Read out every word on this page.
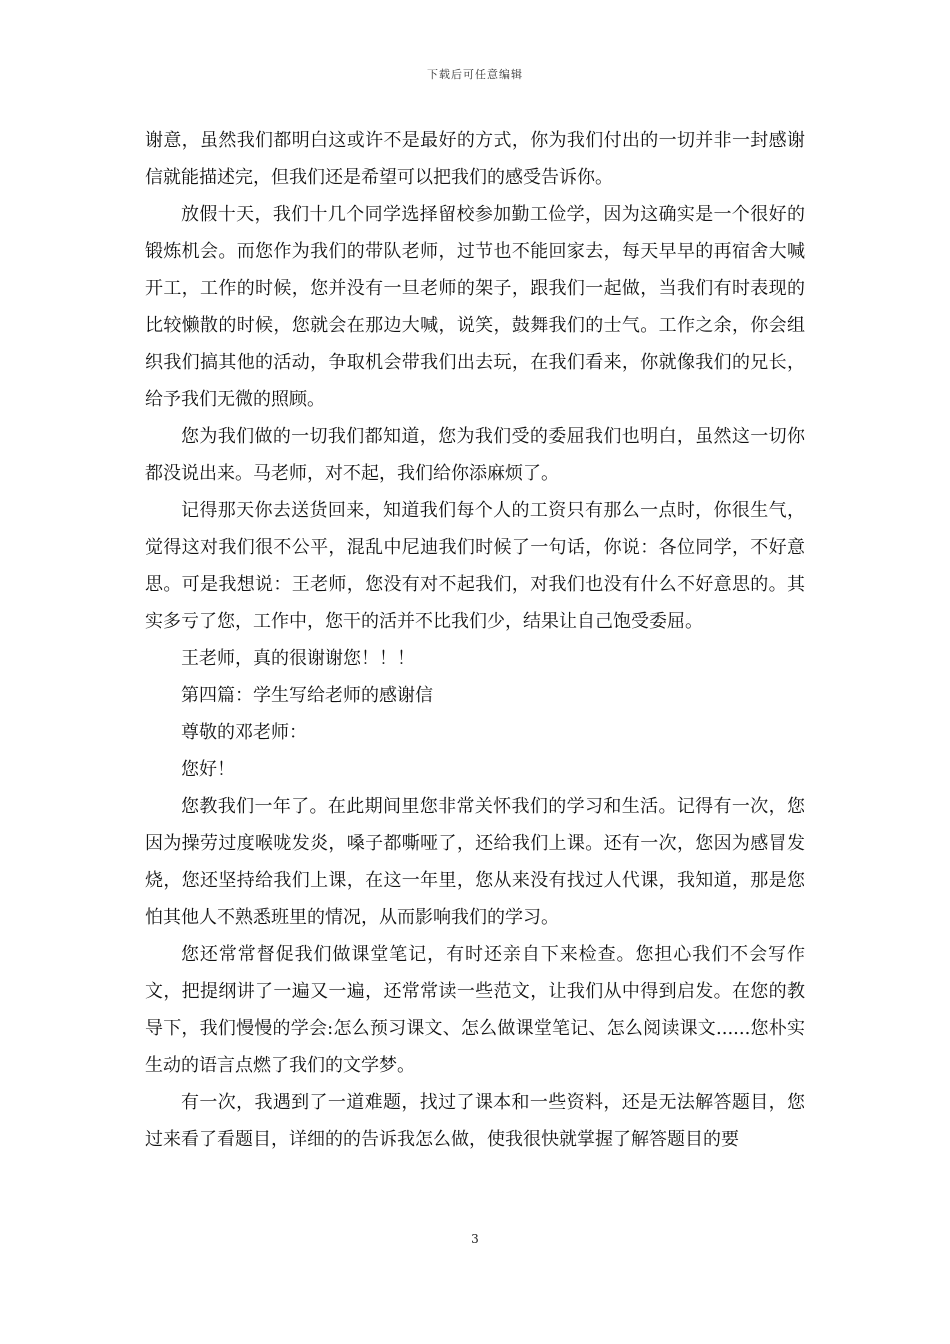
下载后可任意编辑

谢意，虽然我们都明白这或许不是最好的方式，你为我们付出的一切并非一封感谢信就能描述完，但我们还是希望可以把我们的感受告诉你。

放假十天，我们十几个同学选择留校参加勤工俭学，因为这确实是一个很好的锻炼机会。而您作为我们的带队老师，过节也不能回家去，每天早早的再宿舍大喊开工，工作的时候，您并没有一旦老师的架子，跟我们一起做，当我们有时表现的比较懒散的时候，您就会在那边大喊，说笑，鼓舞我们的士气。工作之余，你会组织我们搞其他的活动，争取机会带我们出去玩，在我们看来，你就像我们的兄长，给予我们无微的照顾。

您为我们做的一切我们都知道，您为我们受的委屈我们也明白，虽然这一切你都没说出来。马老师，对不起，我们给你添麻烦了。

记得那天你去送货回来，知道我们每个人的工资只有那么一点时，你很生气，觉得这对我们很不公平，混乱中尼迪我们时候了一句话，你说：各位同学，不好意思。可是我想说：王老师，您没有对不起我们，对我们也没有什么不好意思的。其实多亏了您，工作中，您干的活并不比我们少，结果让自己饱受委屈。

王老师，真的很谢谢您！！！

第四篇：学生写给老师的感谢信

尊敬的邓老师：

您好！

您教我们一年了。在此期间里您非常关怀我们的学习和生活。记得有一次，您因为操劳过度喉咙发炎，嗓子都嘶哑了，还给我们上课。还有一次，您因为感冒发烧，您还坚持给我们上课，在这一年里，您从来没有找过人代课，我知道，那是您怕其他人不熟悉班里的情况，从而影响我们的学习。

您还常常督促我们做课堂笔记，有时还亲自下来检查。您担心我们不会写作文，把提纲讲了一遍又一遍，还常常读一些范文，让我们从中得到启发。在您的教导下，我们慢慢的学会:怎么预习课文、怎么做课堂笔记、怎么阅读课文......您朴实生动的语言点燃了我们的文学梦。

有一次，我遇到了一道难题，找过了课本和一些资料，还是无法解答题目，您过来看了看题目，详细的的告诉我怎么做，使我很快就掌握了解答题目的要

3
